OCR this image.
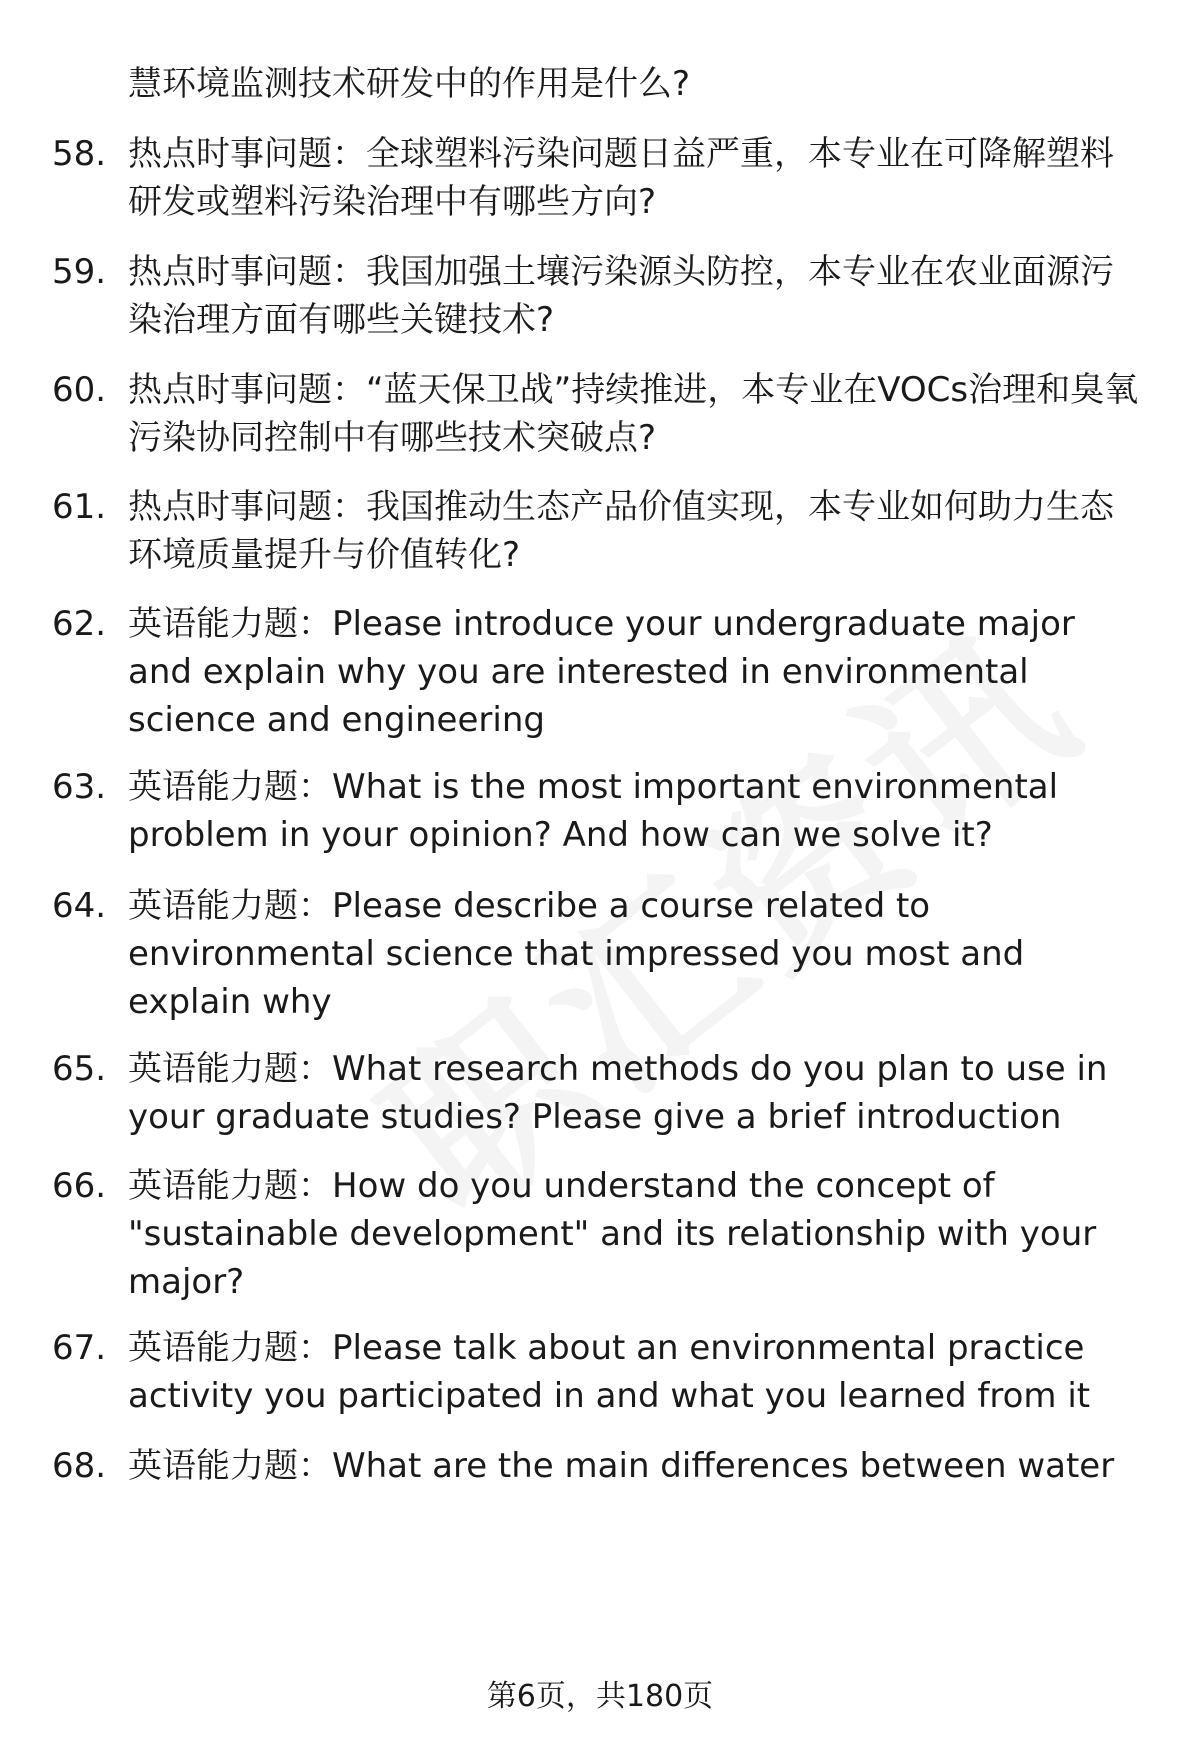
慧环境监测技术研发中的作用是什么?

58. 热点时事问题：全球塑料污染问题日益严重，本专业在可降解塑料研发或塑料污染治理中有哪些方向?

59. 热点时事问题：我国加强土壤污染源头防控，本专业在农业面源污染治理方面有哪些关键技术?

60. 热点时事问题：“蓝天保卫战”持续推进，本专业在VOCs治理和臭氧污染协同控制中有哪些技术突破点?

61. 热点时事问题：我国推动生态产品价值实现，本专业如何助力生态环境质量提升与价值转化?

62. 英语能力题：Please introduce your undergraduate major and explain why you are interested in environmental science and engineering

63. 英语能力题：What is the most important environmental problem in your opinion? And how can we solve it?

64. 英语能力题：Please describe a course related to environmental science that impressed you most and explain why

65. 英语能力题：What research methods do you plan to use in your graduate studies? Please give a brief introduction

66. 英语能力题：How do you understand the concept of "sustainable development" and its relationship with your major?

67. 英语能力题：Please talk about an environmental practice activity you participated in and what you learned from it

68. 英语能力题：What are the main differences between water

第6页，共180页
